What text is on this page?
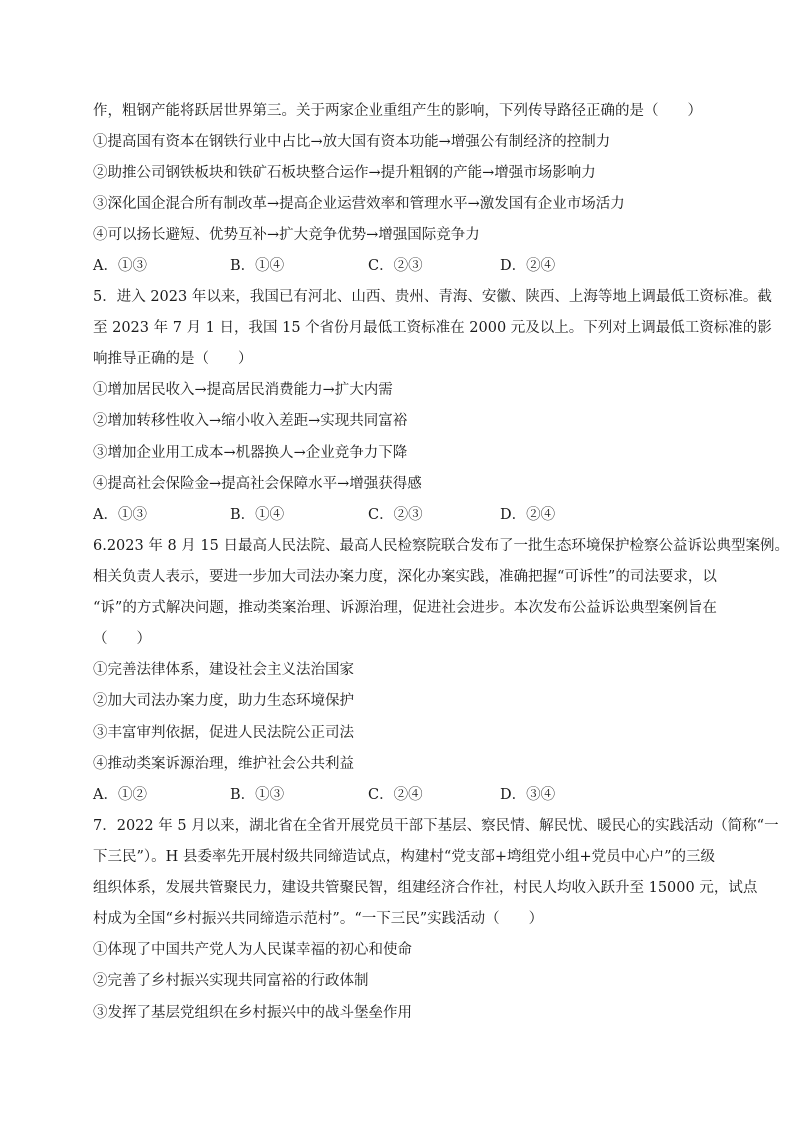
作，粗钢产能将跃居世界第三。关于两家企业重组产生的影响，下列传导路径正确的是（　　）
①提高国有资本在钢铁行业中占比→放大国有资本功能→增强公有制经济的控制力
②助推公司钢铁板块和铁矿石板块整合运作→提升粗钢的产能→增强市场影响力
③深化国企混合所有制改革→提高企业运营效率和管理水平→激发国有企业市场活力
④可以扬长避短、优势互补→扩大竞争优势→增强国际竞争力
A．①③	B．①④	C．②③	D．②④
5．进入 2023 年以来，我国已有河北、山西、贵州、青海、安徽、陕西、上海等地上调最低工资标准。截
至 2023 年 7 月 1 日，我国 15 个省份月最低工资标准在 2000 元及以上。下列对上调最低工资标准的影
响推导正确的是（　　）
①增加居民收入→提高居民消费能力→扩大内需
②增加转移性收入→缩小收入差距→实现共同富裕
③增加企业用工成本→机器换人→企业竞争力下降
④提高社会保险金→提高社会保障水平→增强获得感
A．①③	B．①④	C．②③	D．②④
6.2023 年 8 月 15 日最高人民法院、最高人民检察院联合发布了一批生态环境保护检察公益诉讼典型案例。
相关负责人表示，要进一步加大司法办案力度，深化办案实践，准确把握“可诉性”的司法要求，以
“诉”的方式解决问题，推动类案治理、诉源治理，促进社会进步。本次发布公益诉讼典型案例旨在
（　　）
①完善法律体系，建设社会主义法治国家
②加大司法办案力度，助力生态环境保护
③丰富审判依据，促进人民法院公正司法
④推动类案诉源治理，维护社会公共利益
A．①②	B．①③	C．②④	D．③④
7．2022 年 5 月以来，湖北省在全省开展党员干部下基层、察民情、解民忧、暖民心的实践活动（简称“一
下三民”）。H 县委率先开展村级共同缔造试点，构建村“党支部+塆组党小组+党员中心户”的三级
组织体系，发展共管聚民力，建设共管聚民智，组建经济合作社，村民人均收入跃升至 15000 元，试点
村成为全国“乡村振兴共同缔造示范村”。“一下三民”实践活动（　　）
①体现了中国共产党人为人民谋幸福的初心和使命
②完善了乡村振兴实现共同富裕的行政体制
③发挥了基层党组织在乡村振兴中的战斗堡垒作用
